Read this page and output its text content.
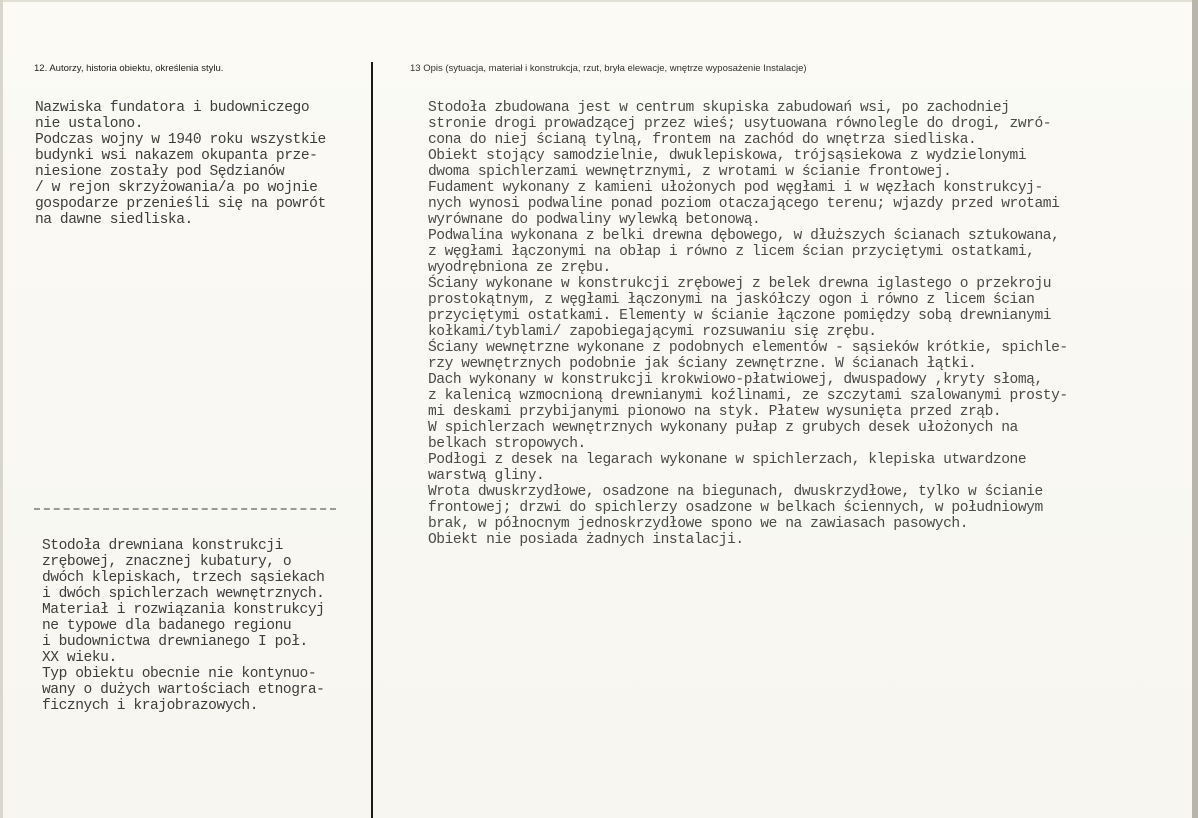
12. Autorzy, historia obiektu, określenia stylu.	13 Opis (sytuacja, materiał i konstrukcja, rzut, bryła elewacje, wnętrze wyposażenie Instalacje)
Nazwiska fundatora i budowniczego
nie ustalono.
Podczas wojny w 1940 roku wszystkie
budynki wsi nakazem okupanta prze-
niesione zostały pod Sędzianów
/ w rejon skrzyżowania/a po wojnie
gospodarze przenieśli się na powrót
na dawne siedliska.
Stodoła drewniana konstrukcji
zrębowej, znacznej kubatury, o
dwóch klepiskach, trzech sąsiekach
i dwóch spichlerzach wewnętrznych.
Materiał i rozwiązania konstrukcyj
ne typowe dla badanego regionu
i budownictwa drewnianego I poł.
XX wieku.
Typ obiektu obecnie nie kontynuo-
wany o dużych wartościach etnogra-
ficznych i krajobrazowych.
Stodoła zbudowana jest w centrum skupiska zabudowań wsi, po zachodniej
stronie drogi prowadzącej przez wieś; usytuowana równolegle do drogi, zwró-
cona do niej ścianą tylną, frontem na zachód do wnętrza siedliska.
Obiekt stojący samodzielnie, dwuklepiskowa, trójsąsiekowa z wydzielonymi
dwoma spichlerzami wewnętrznymi, z wrotami w ścianie frontowej.
Fudament wykonany z kamieni ułożonych pod węgłami i w węzłach konstrukcyj-
nych wynosi podwaline ponad poziom otaczającego terenu; wjazdy przed wrotami
wyrównane do podwaliny wylewką betonową.
Podwalina wykonana z belki drewna dębowego, w dłuższych ścianach sztukowana,
z węgłami łączonymi na obłap i równo z licem ścian przyciętymi ostatkami,
wyodrębniona ze zrębu.
Ściany wykonane w konstrukcji zrębowej z belek drewna iglastego o przekroju
prostokątnym, z węgłami łączonymi na jaskółczy ogon i równo z licem ścian
przyciętymi ostatkami. Elementy w ścianie łączone pomiędzy sobą drewnianymi
kołkami/tyblami/ zapobiegającymi rozsuwaniu się zrębu.
Ściany wewnętrzne wykonane z podobnych elementów - sąsieków krótkie, spichle-
rzy wewnętrznych podobnie jak ściany zewnętrzne. W ścianach łątki.
Dach wykonany w konstrukcji krokwiowo-płatwiowej, dwuspadowy ,kryty słomą,
z kalenicą wzmocnioną drewnianymi koźlinami, ze szczytami szalowanymi prosty-
mi deskami przybijanymi pionowo na styk. Płatew wysunięta przed zrąb.
W spichlerzach wewnętrznych wykonany pułap z grubych desek ułożonych na
belkach stropowych.
Podłogi z desek na legarach wykonane w spichlerzach, klepiska utwardzone
warstwą gliny.
Wrota dwuskrzydłowe, osadzone na biegunach, dwuskrzydłowe, tylko w ścianie
frontowej; drzwi do spichlerzy osadzone w belkach ściennych, w południowym
brak, w północnym jednoskrzydłowe spono we na zawiasach pasowych.
Obiekt nie posiada żadnych instalacji.
